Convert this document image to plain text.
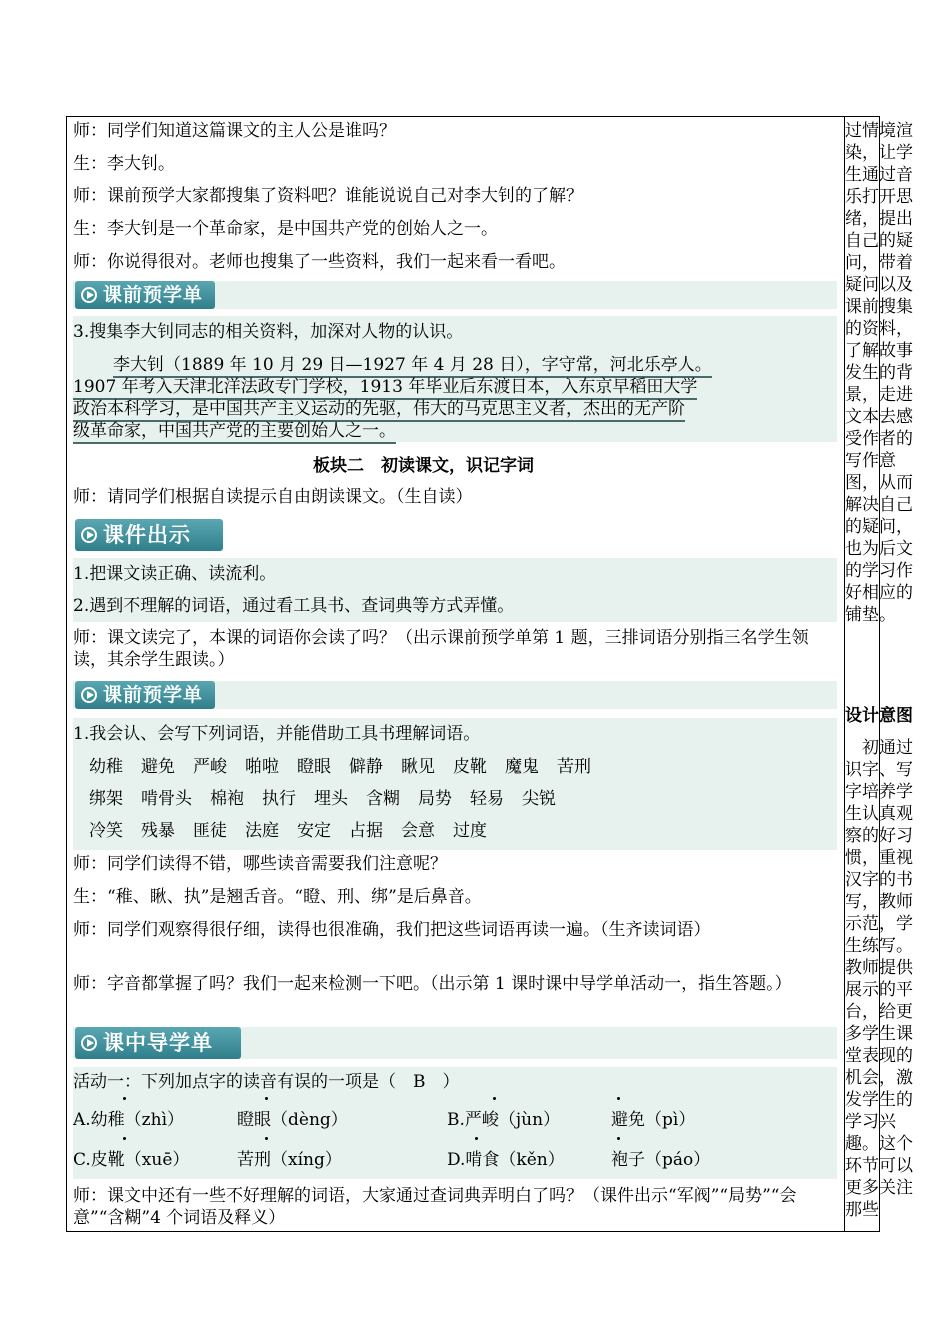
师：同学们知道这篇课文的主人公是谁吗？
生：李大钊。
师：课前预学大家都搜集了资料吧？谁能说说自己对李大钊的了解？
生：李大钊是一个革命家，是中国共产党的创始人之一。
师：你说得很对。老师也搜集了一些资料，我们一起来看一看吧。
课前预学单
3.搜集李大钊同志的相关资料，加深对人物的认识。
李大钊（1889 年 10 月 29 日—1927 年 4 月 28 日），字守常，河北乐亭人。
1907 年考入天津北洋法政专门学校，1913 年毕业后东渡日本，入东京早稻田大学
政治本科学习，是中国共产主义运动的先驱，伟大的马克思主义者，杰出的无产阶
级革命家，中国共产党的主要创始人之一。
板块二　初读课文，识记字词
师：请同学们根据自读提示自由朗读课文。（生自读）
课件出示
1.把课文读正确、读流利。
2.遇到不理解的词语，通过看工具书、查词典等方式弄懂。
师：课文读完了，本课的词语你会读了吗？（出示课前预学单第 1 题，三排词语分别指三名学生领读，其余学生跟读。）
课前预学单
1.我会认、会写下列词语，并能借助工具书理解词语。
幼稚 避免 严峻 啪啦 瞪眼 僻静 瞅见 皮靴 魔鬼 苦刑
绑架 啃骨头 棉袍 执行 埋头 含糊 局势 轻易 尖锐
冷笑 残暴 匪徒 法庭 安定 占据 会意 过度
师：同学们读得不错，哪些读音需要我们注意呢？
生：“稚、瞅、执”是翘舌音。“瞪、刑、绑”是后鼻音。
师：同学们观察得很仔细，读得也很准确，我们把这些词语再读一遍。（生齐读词语）
师：字音都掌握了吗？我们一起来检测一下吧。（出示第 1 课时课中导学单活动一，指生答题。）
课中导学单
活动一：下列加点字的读音有误的一项是（　B　）
A.幼稚（zhì）	瞪眼（dèng）	B.严峻（jùn）	避免（pì）
C.皮靴（xuē）	苦刑（xíng）	D.啃食（kěn）	袍子（páo）
师：课文中还有一些不好理解的词语，大家通过查词典弄明白了吗？（课件出示“军阀”“局势”“会意”“含糊”4 个词语及释义）
过情境渲染，让学生通过音乐打开思绪，提出自己的疑问，带着疑问以及课前搜集的资料，了解故事发生的背景，走进文本去感受作者的写作意图，从而解决自己的疑问，也为后文的学习作好相应的铺垫。
设计意图
　初通过识字、写字培养学生认真观察的好习惯，重视汉字的书写，教师示范，学生练写。教师提供展示的平台，给更多学生课堂表现的机会，激发学生的学习兴趣。这个环节可以更多关注那些
